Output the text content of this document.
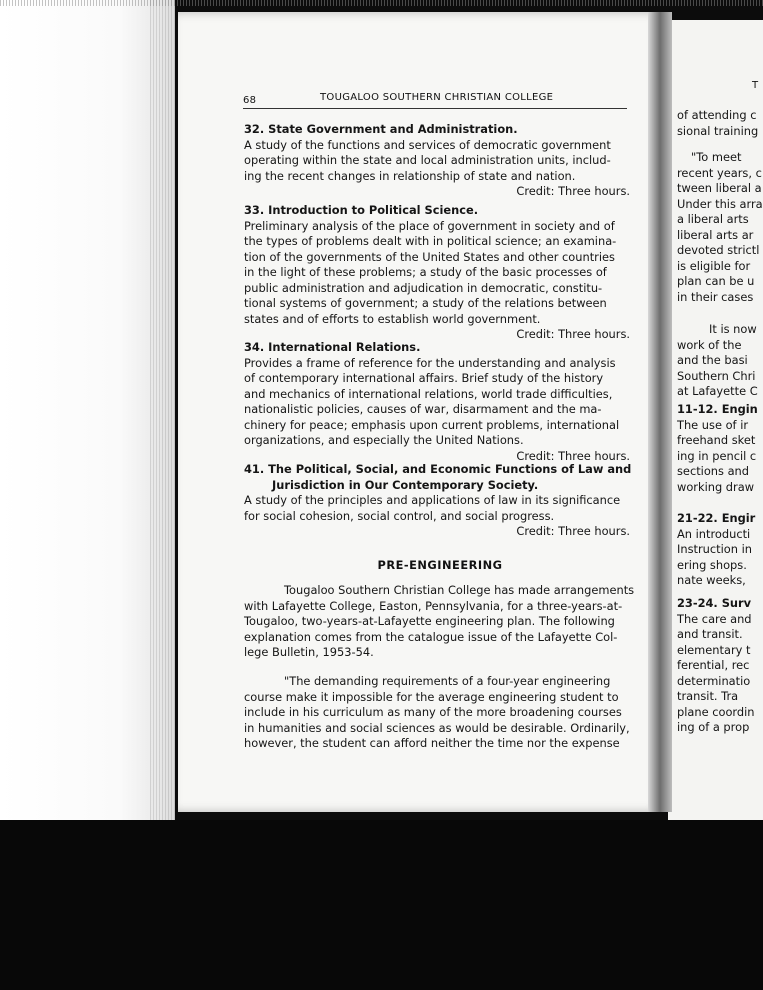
68	TOUGALOO SOUTHERN CHRISTIAN COLLEGE
32. State Government and Administration.
A study of the functions and services of democratic government
operating within the state and local administration units, includ-
ing the recent changes in relationship of state and nation.
Credit: Three hours.
33. Introduction to Political Science.
Preliminary analysis of the place of government in society and of
the types of problems dealt with in political science; an examina-
tion of the governments of the United States and other countries
in the light of these problems; a study of the basic processes of
public administration and adjudication in democratic, constitu-
tional systems of government; a study of the relations between
states and of efforts to establish world government.
Credit: Three hours.
34. International Relations.
Provides a frame of reference for the understanding and analysis
of contemporary international affairs. Brief study of the history
and mechanics of international relations, world trade difficulties,
nationalistic policies, causes of war, disarmament and the ma-
chinery for peace; emphasis upon current problems, international
organizations, and especially the United Nations.
Credit: Three hours.
41. The Political, Social, and Economic Functions of Law and
Jurisdiction in Our Contemporary Society.
A study of the principles and applications of law in its significance
for social cohesion, social control, and social progress.
Credit: Three hours.
PRE-ENGINEERING
Tougaloo Southern Christian College has made arrangements
with Lafayette College, Easton, Pennsylvania, for a three-years-at-
Tougaloo, two-years-at-Lafayette engineering plan. The following
explanation comes from the catalogue issue of the Lafayette Col-
lege Bulletin, 1953-54.
"The demanding requirements of a four-year engineering
course make it impossible for the average engineering student to
include in his curriculum as many of the more broadening courses
in humanities and social sciences as would be desirable. Ordinarily,
however, the student can afford neither the time nor the expense
T
of attending c
sional training
"To meet
recent years, c
tween liberal a
Under this arra
a liberal arts
liberal arts ar
devoted strictl
is eligible for
plan can be u
in their cases
It is now
work of the
and the basi
Southern Chri
at Lafayette C
11-12. Engin
The use of ir
freehand sket
ing in pencil c
sections and
working draw
21-22. Engir
An introducti
Instruction in
ering shops.
nate weeks,
23-24. Surv
The care and
and transit.
elementary t
ferential, rec
determinatio
transit. Tra
plane coordin
ing of a prop
